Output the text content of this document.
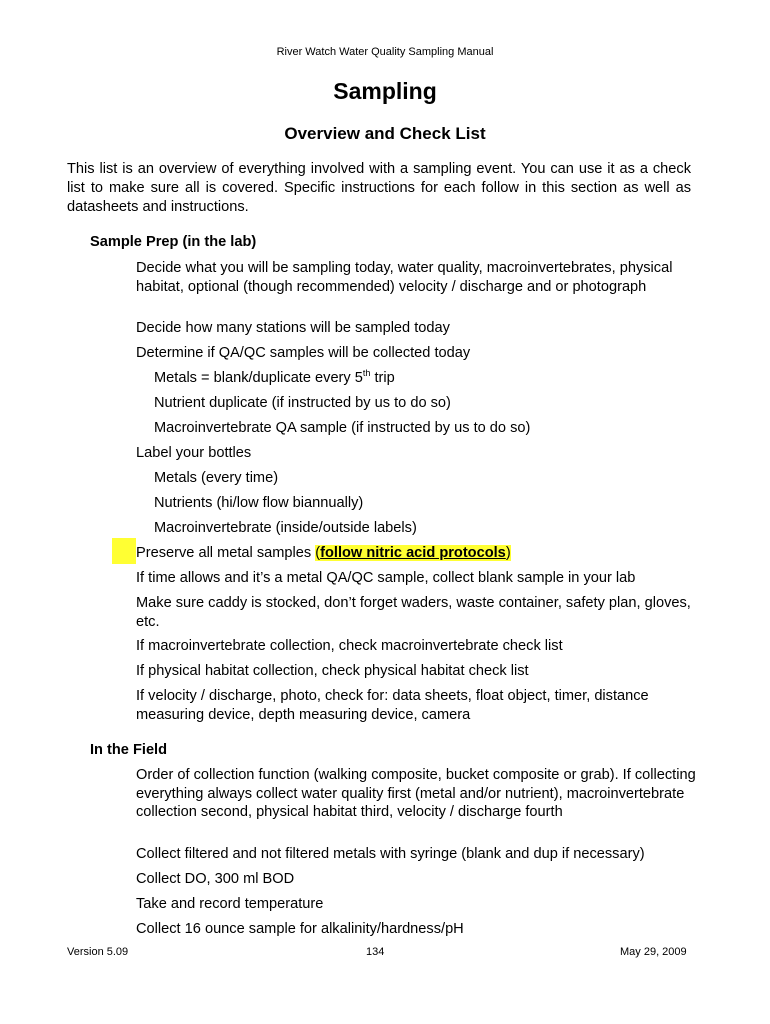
River Watch Water Quality Sampling Manual
Sampling
Overview and Check List
This list is an overview of everything involved with a sampling event. You can use it as a check list to make sure all is covered. Specific instructions for each follow in this section as well as datasheets and instructions.
Sample Prep (in the lab)
Decide what you will be sampling today, water quality, macroinvertebrates, physical habitat, optional (though recommended) velocity / discharge and or photograph
Decide how many stations will be sampled today
Determine if QA/QC samples will be collected today
Metals = blank/duplicate every 5th trip
Nutrient duplicate (if instructed by us to do so)
Macroinvertebrate QA sample (if instructed by us to do so)
Label your bottles
Metals (every time)
Nutrients (hi/low flow biannually)
Macroinvertebrate (inside/outside labels)
Preserve all metal samples (follow nitric acid protocols)
If time allows and it’s a metal QA/QC sample, collect blank sample in your lab
Make sure caddy is stocked, don’t forget waders, waste container, safety plan, gloves, etc.
If macroinvertebrate collection, check macroinvertebrate check list
If physical habitat collection, check physical habitat check list
If velocity / discharge, photo, check for: data sheets, float object, timer, distance measuring device, depth measuring device, camera
In the Field
Order of collection function (walking composite, bucket composite or grab). If collecting everything always collect water quality first (metal and/or nutrient), macroinvertebrate collection second, physical habitat third, velocity / discharge fourth
Collect filtered and not filtered metals with syringe (blank and dup if necessary)
Collect DO, 300 ml BOD
Take and record temperature
Collect 16 ounce sample for alkalinity/hardness/pH
Version 5.09	134	May 29, 2009
